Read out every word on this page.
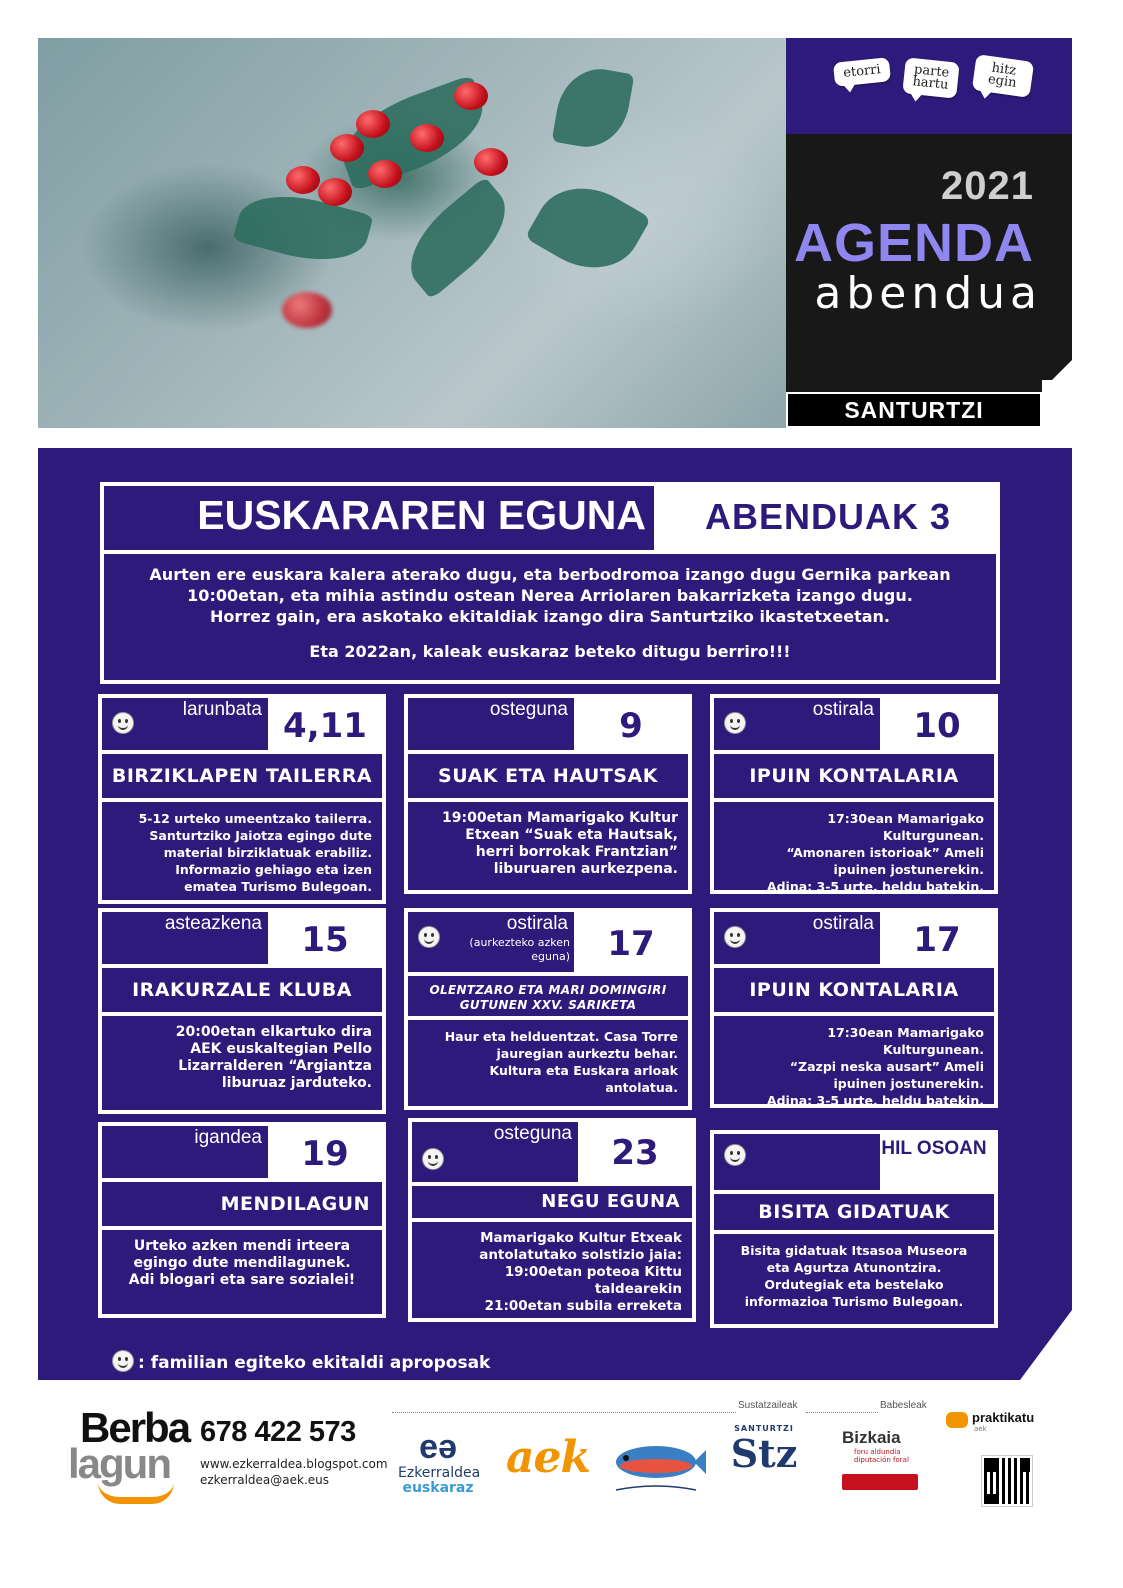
etorri	parte hartu
hitz egin
2021
AGENDA
abendua
SANTURTZI
EUSKARAREN EGUNA	ABENDUAK 3

Aurten ere euskara kalera aterako dugu, eta berbodromoa izango dugu Gernika parkean

10:00etan, eta mihia astindu ostean Nerea Arriolaren bakarrizketa izango dugu.

Horrez gain, era askotako ekitaldiak izango dira Santurtziko ikastetxeetan.

Eta 2022an, kaleak euskaraz beteko ditugu berriro!!!

larunbata 4,11
BIRZIKLAPEN TAILERRA
5-12 urteko umeentzako tailerra.
Santurtziko Jaiotza egingo dute
material birziklatuak erabiliz.
Informazio gehiago eta izen
ematea Turismo Bulegoan.
osteguna	9
SUAK ETA HAUTSAK
19:00etan Mamarigako Kultur
Etxean “Suak eta Hautsak,
herri borrokak Frantzian”
liburuaren aurkezpena.
ostirala	10
IPUIN KONTALARIA
17:30ean Mamarigako Kulturgunean.
“Amonaren istorioak” Ameli
ipuinen jostunerekin.
Adina: 3-5 urte, heldu batekin.
asteazkena	15
IRAKURZALE KLUBA
20:00etan elkartuko dira
AEK euskaltegian Pello
Lizarralderen “Argiantza
liburuaz jarduteko.
ostirala
(aurkezteko azken eguna)	17
OLENTZARO ETA MARI DOMINGIRI GUTUNEN XXV. SARIKETA
Haur eta helduentzat. Casa Torre
jauregian aurkeztu behar.
Kultura eta Euskara arloak
antolatua.
ostirala	17
IPUIN KONTALARIA
17:30ean Mamarigako Kulturgunean.
“Zazpi neska ausart” Ameli
ipuinen jostunerekin.
Adina: 3-5 urte, heldu batekin.
igandea	19
MENDILAGUN
Urteko azken mendi irteera
egingo dute mendilagunek.
Adi blogari eta sare sozialei!
osteguna	23
NEGU EGUNA
Mamarigako Kultur Etxeak
antolatutako solstizio jaia:
19:00etan poteoa Kittu
taldearekin
21:00etan subila erreketa
HIL OSOAN
BISITA GIDATUAK
Bisita gidatuak Itsasoa Museora
eta Agurtza Atunontzira.
Ordutegiak eta bestelako
informazioa Turismo Bulegoan.
: familian egiteko ekitaldi aproposak
Berba
lagun
678 422 573
www.ezkerraldea.blogspot.com
ezkerraldea@aek.eus
Sustatzaileak	Babesleak
eə
Ezkerraldea
euskaraz
aek
SANTURTZI
Stz	Bizkaia
foru aldundia diputación foral
praktikatu
aek
